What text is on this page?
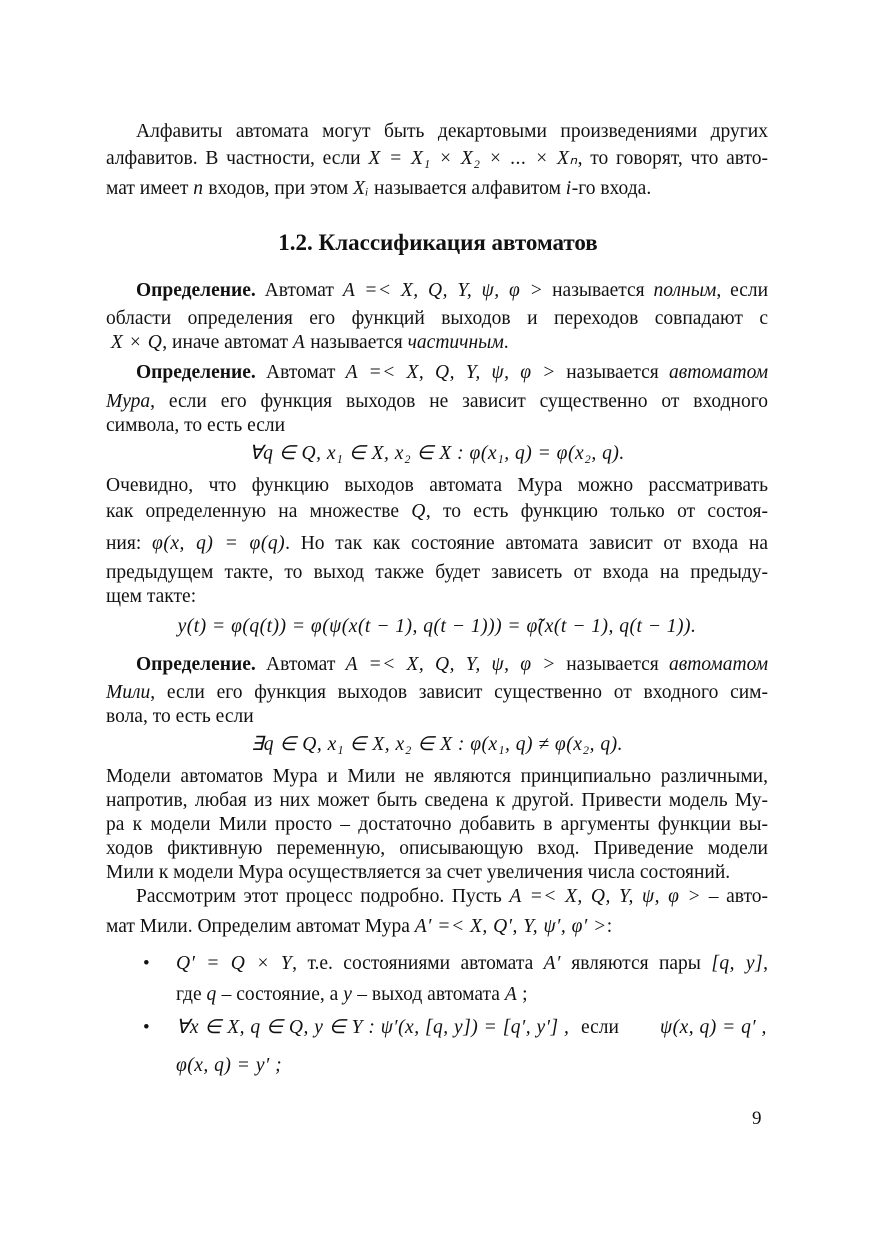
Алфавиты автомата могут быть декартовыми произведениями других
алфавитов. В частности, если X = X₁ × X₂ × ... × Xₙ, то говорят, что авто-
мат имеет n входов, при этом Xᵢ называется алфавитом i-го входа.
1.2. Классификация автоматов
Определение. Автомат A =< X, Q, Y, ψ, φ > называется полным, если
области определения его функций выходов и переходов совпадают с
X × Q, иначе автомат A называется частичным.
Определение. Автомат A =< X, Q, Y, ψ, φ > называется автоматом
Мура, если его функция выходов не зависит существенно от входного
символа, то есть если
∀q ∈ Q, x₁ ∈ X, x₂ ∈ X : φ(x₁, q) = φ(x₂, q).
Очевидно, что функцию выходов автомата Мура можно рассматривать
как определенную на множестве Q, то есть функцию только от состоя-
ния: φ(x, q) = φ(q). Но так как состояние автомата зависит от входа на
предыдущем такте, то выход также будет зависеть от входа на предыду-
щем такте:
y(t) = φ(q(t)) = φ(ψ(x(t − 1), q(t − 1))) = φ̃(x(t − 1), q(t − 1)).
Определение. Автомат A =< X, Q, Y, ψ, φ > называется автоматом
Мили, если его функция выходов зависит существенно от входного сим-
вола, то есть если
∃q ∈ Q, x₁ ∈ X, x₂ ∈ X : φ(x₁, q) ≠ φ(x₂, q).
Модели автоматов Мура и Мили не являются принципиально различными,
напротив, любая из них может быть сведена к другой. Привести модель Му-
ра к модели Мили просто – достаточно добавить в аргументы функции вы-
ходов фиктивную переменную, описывающую вход. Приведение модели
Мили к модели Мура осуществляется за счет увеличения числа состояний.
Рассмотрим этот процесс подробно. Пусть A =< X, Q, Y, ψ, φ > – авто-
мат Мили. Определим автомат Мура A′ =< X, Q′, Y, ψ′, φ′ >:
• Q′ = Q × Y, т.е. состояниями автомата A′ являются пары [q, y],
где q – состояние, а y – выход автомата A ;
• ∀x ∈ X, q ∈ Q, y ∈ Y : ψ′(x, [q, y]) = [q′, y′] , если ψ(x, q) = q′ ,
φ(x, q) = y′ ;
9
